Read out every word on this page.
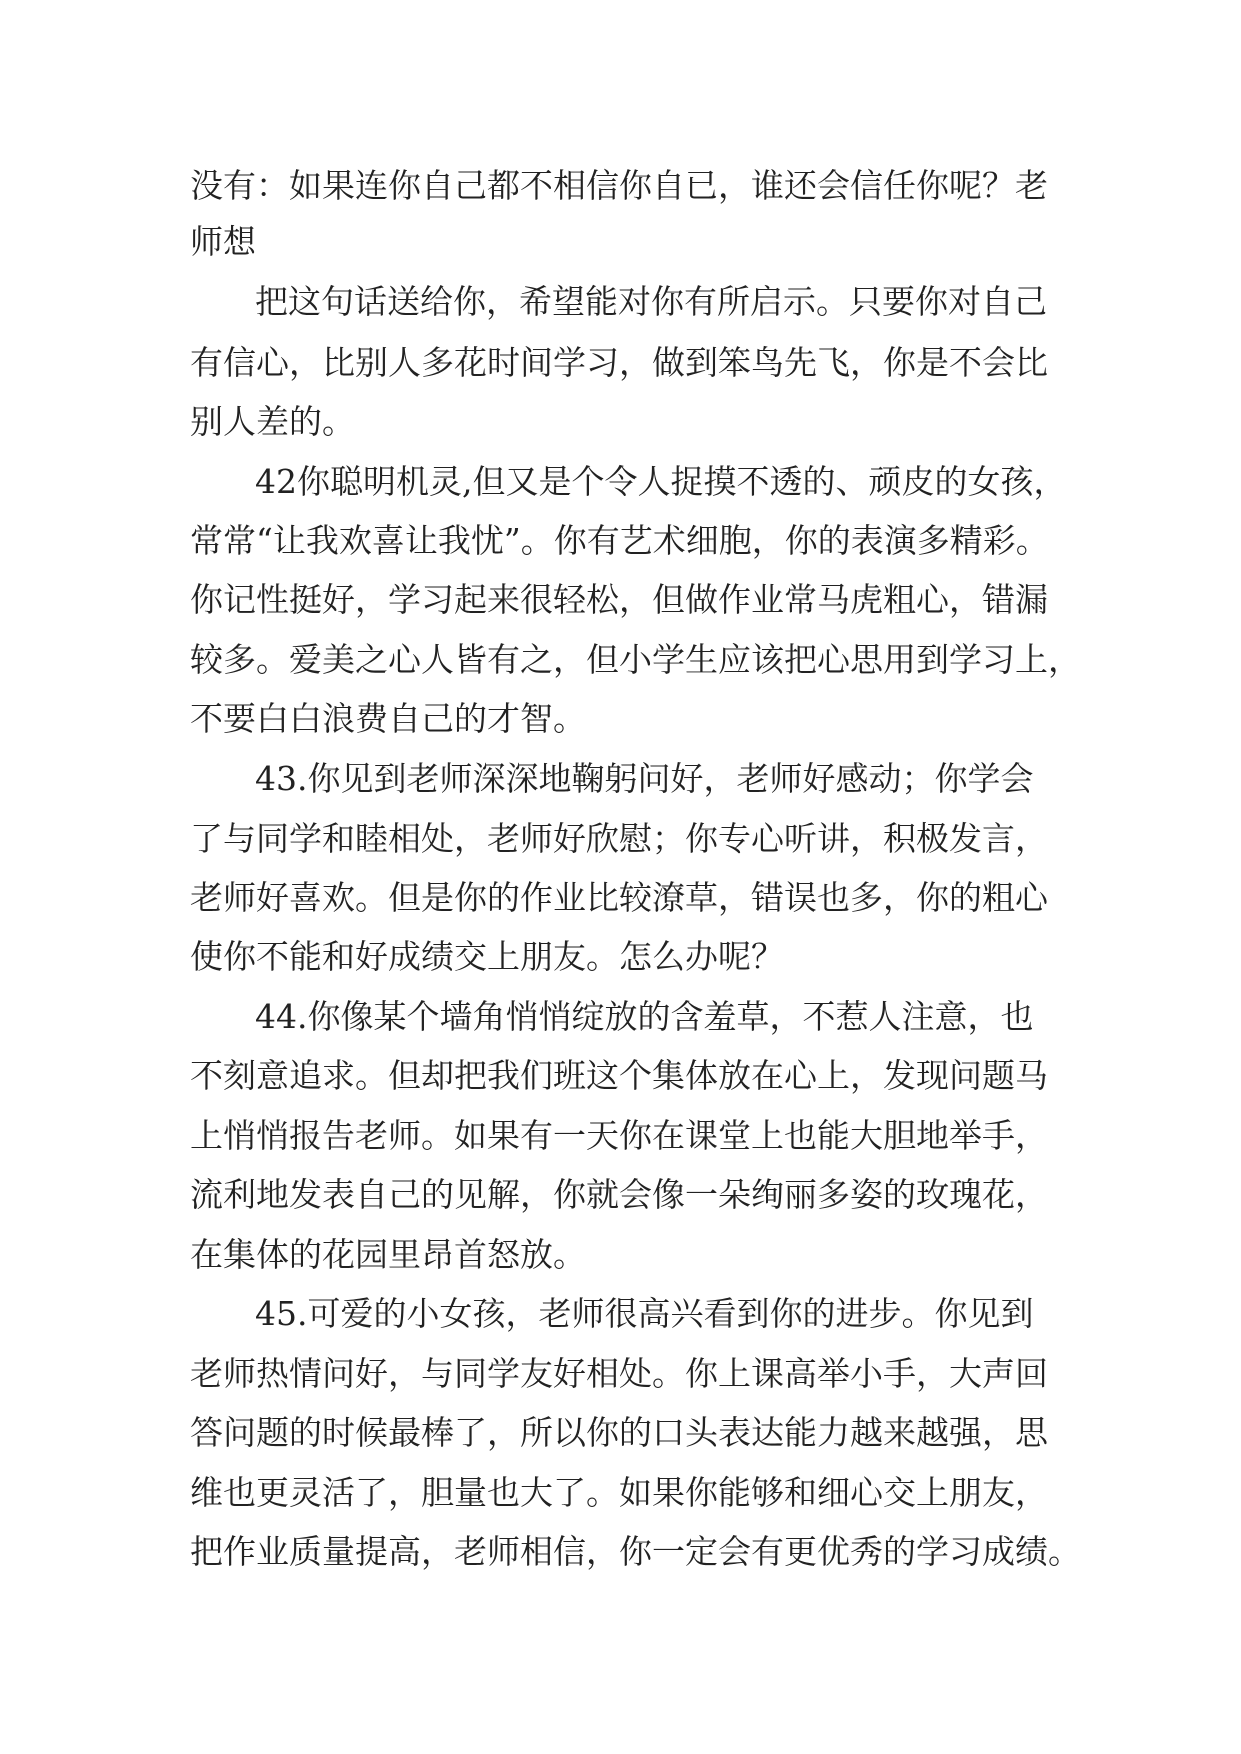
没有：如果连你自己都不相信你自已，谁还会信任你呢？老

师想

把这句话送给你，希望能对你有所启示。只要你对自己

有信心，比别人多花时间学习，做到笨鸟先飞，你是不会比

别人差的。

42你聪明机灵,但又是个令人捉摸不透的、顽皮的女孩，

常常“让我欢喜让我忧”。你有艺术细胞，你的表演多精彩。

你记性挺好，学习起来很轻松，但做作业常马虎粗心，错漏

较多。爱美之心人皆有之，但小学生应该把心思用到学习上，

不要白白浪费自己的才智。

43.你见到老师深深地鞠躬问好，老师好感动；你学会

了与同学和睦相处，老师好欣慰；你专心听讲，积极发言，

老师好喜欢。但是你的作业比较潦草，错误也多，你的粗心

使你不能和好成绩交上朋友。怎么办呢？

44.你像某个墙角悄悄绽放的含羞草，不惹人注意，也

不刻意追求。但却把我们班这个集体放在心上，发现问题马

上悄悄报告老师。如果有一天你在课堂上也能大胆地举手，

流利地发表自己的见解，你就会像一朵绚丽多姿的玫瑰花，

在集体的花园里昂首怒放。

45.可爱的小女孩，老师很高兴看到你的进步。你见到

老师热情问好，与同学友好相处。你上课高举小手，大声回

答问题的时候最棒了，所以你的口头表达能力越来越强，思

维也更灵活了，胆量也大了。如果你能够和细心交上朋友，

把作业质量提高，老师相信，你一定会有更优秀的学习成绩。
